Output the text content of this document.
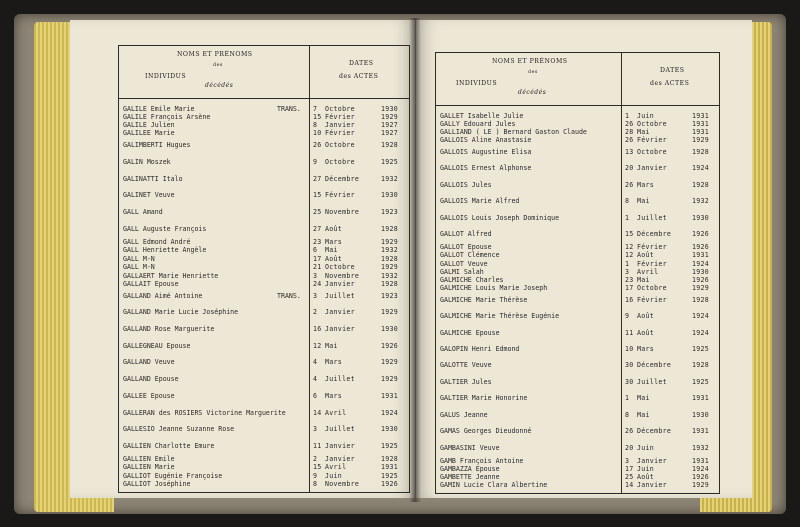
NOMS ET PRÉNOMS
des
INDIVIDUS
décédés
DATES
des ACTES
GALILE Emile Marie	TRANS. 7 Octobre	1930
GALILE François Arsène	15 Février	1929
GALILE Julien	8 Janvier	1927
GALILEE Marie	10 Février	1927
GALIMBERTI Hugues	26 Octobre	1928
GALIN Moszek	9 Octobre	1925
GALINATTI Italo	27 Décembre	1932
GALINET Veuve	15 Février	1930
GALL Amand	25 Novembre	1923
GALL Auguste François	27 Août	1928
GALL Edmond André	23 Mars	1929
GALL Henriette Angèle	6 Mai	1932
GALL M-N	17 Août	1928
GALL M-N	21 Octobre	1929
GALLAERT Marie Henriette	3 Novembre	1932
GALLAIT Epouse	24 Janvier	1928
GALLAND Aimé Antoine	TRANS. 3 Juillet	1923
GALLAND Marie Lucie Joséphine	2 Janvier	1929
GALLAND Rose Marguerite	16 Janvier	1930
GALLEGNEAU Epouse	12 Mai	1926
GALLAND Veuve	4 Mars	1929
GALLAND Epouse	4 Juillet	1929
GALLEE Epouse	6 Mars	1931
GALLERAN des ROSIERS Victorine Marguerite	14 Avril	1924
GALLESIO Jeanne Suzanne Rose	3 Juillet	1930
GALLIEN Charlotte Emure	11 Janvier	1925
GALLIEN Emile	2 Janvier	1928
GALLIEN Marie	15 Avril	1931
GALLIOT Eugénie Françoise	9 Juin	1925
GALLIOT Joséphine	8 Novembre	1926
NOMS ET PRÉNOMS
des
INDIVIDUS
décédés
DATES
des ACTES
GALLET Isabelle Julie	1 Juin	1931
GALLY Edouard Jules	26 Octobre	1931
GALLIAND ( LE ) Bernard Gaston Claude	28 Mai	1931
GALLOIS Aline Anastasie	26 Février	1929
GALLOIS Augustine Elisa	13 Octobre	1928
GALLOIS Ernest Alphonse	20 Janvier	1924
GALLOIS Jules	26 Mars	1928
GALLOIS Marie Alfred	8 Mai	1932
GALLOIS Louis Joseph Dominique	1 Juillet	1930
GALLOT Alfred	15 Décembre	1926
GALLOT Epouse	12 Février	1926
GALLOT Clémence	12 Août	1931
GALLOT Veuve	1 Février	1924
GALMI Salah	3 Avril	1930
GALMICHE Charles	23 Mai	1926
GALMICHE Louis Marie Joseph	17 Octobre	1929
GALMICHE Marie Thérèse	16 Février	1928
GALMICHE Marie Thérèse Eugénie	9 Août	1924
GALMICHE Epouse	11 Août	1924
GALOPIN Henri Edmond	10 Mars	1925
GALOTTE Veuve	30 Décembre	1928
GALTIER Jules	30 Juillet	1925
GALTIER Marie Honorine	1 Mai	1931
GALUS Jeanne	8 Mai	1930
GAMAS Georges Dieudonné	26 Décembre	1931
GAMBASINI Veuve	20 Juin	1932
GAMB François Antoine	3 Janvier	1931
GAMBAZZA Epouse	17 Juin	1924
GAMBETTE Jeanne	25 Août	1926
GAMIN Lucie Clara Albertine	14 Janvier	1929
